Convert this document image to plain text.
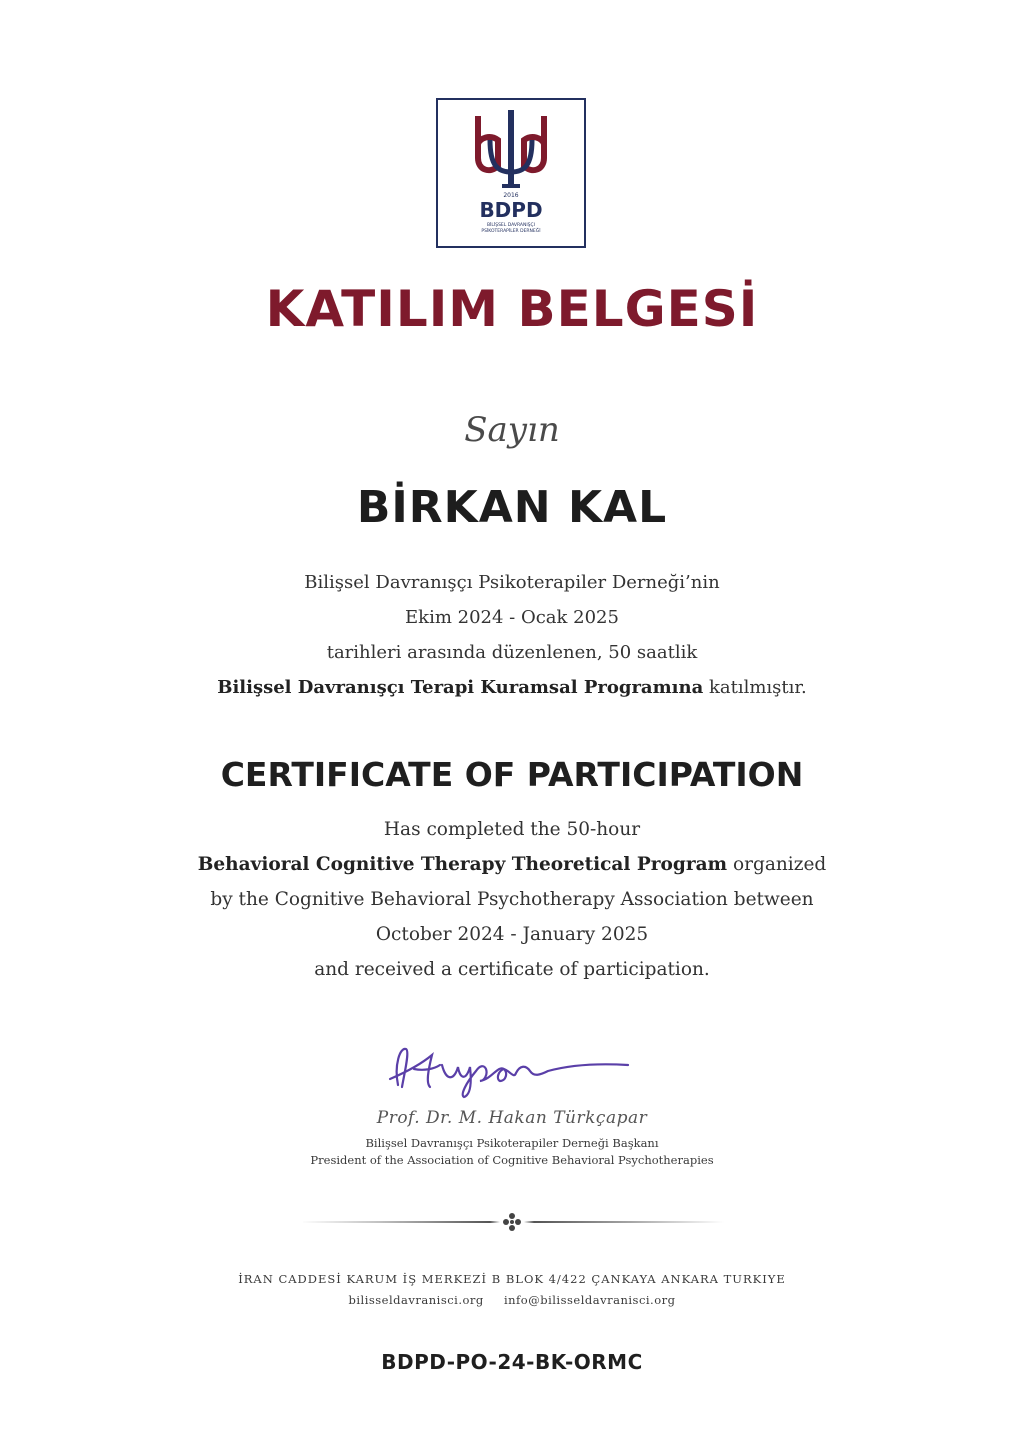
2016
BDPD
BİLİŞSEL DAVRANIŞÇI
PSİKOTERAPİLER DERNEĞİ
KATILIM BELGESİ
Sayın
BİRKAN KAL
Bilişsel Davranışçı Psikoterapiler Derneği’nin
Ekim 2024 - Ocak 2025
tarihleri arasında düzenlenen, 50 saatlik
Bilişsel Davranışçı Terapi Kuramsal Programına katılmıştır.
CERTIFICATE OF PARTICIPATION
Has completed the 50-hour
Behavioral Cognitive Therapy Theoretical Program organized
by the Cognitive Behavioral Psychotherapy Association between
October 2024 - January 2025
and received a certificate of participation.
Prof. Dr. M. Hakan Türkçapar
Bilişsel Davranışçı Psikoterapiler Derneği Başkanı
President of the Association of Cognitive Behavioral Psychotherapies
İRAN CADDESİ KARUM İŞ MERKEZİ B BLOK 4/422 ÇANKAYA ANKARA TURKIYE
bilisseldavranisci.org info@bilisseldavranisci.org
BDPD-PO-24-BK-ORMC
